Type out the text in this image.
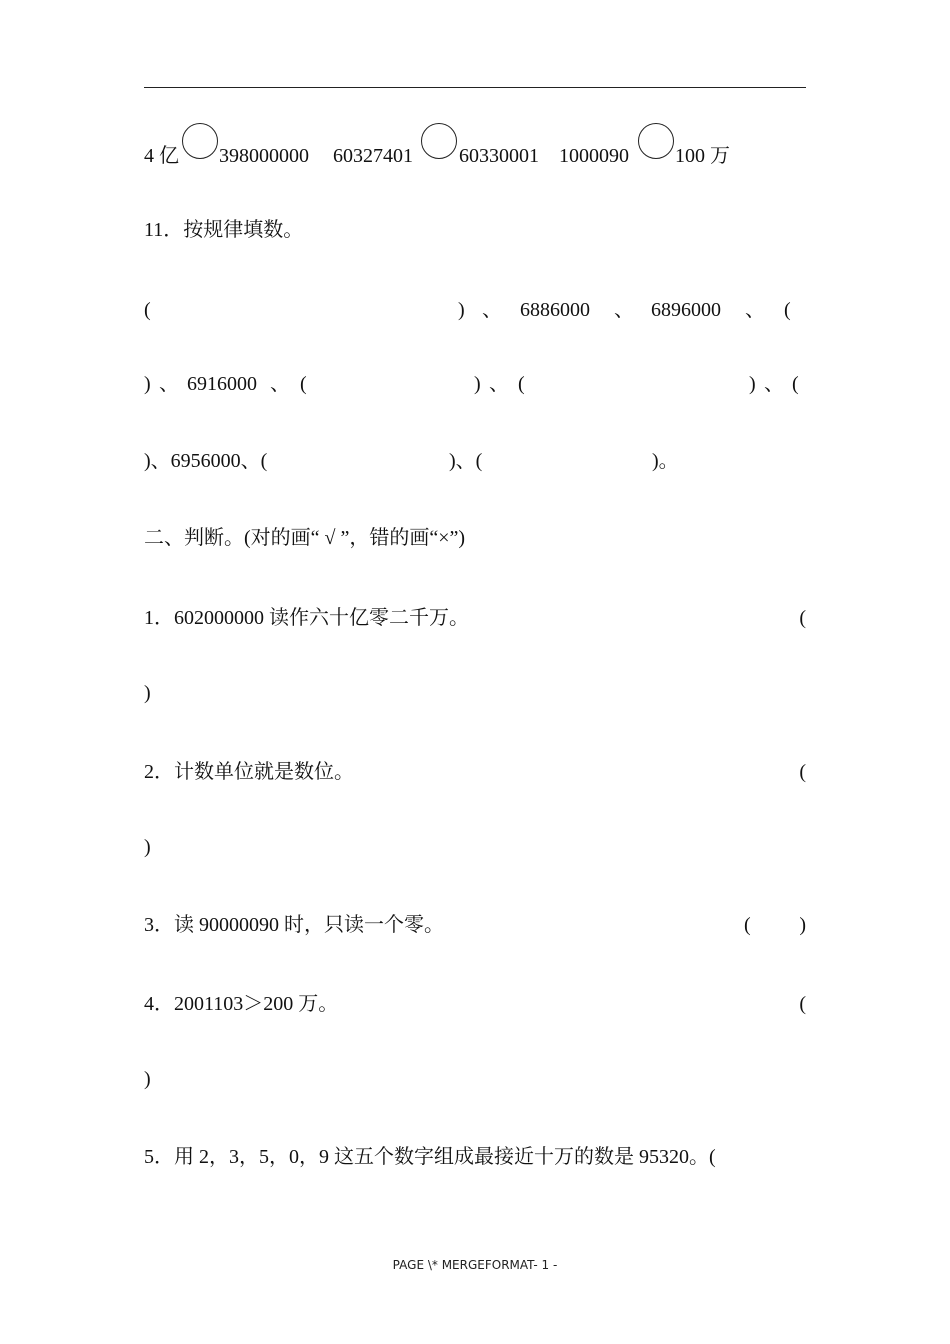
4 亿 398000000 60327401 60330001 1000090 100 万
11．按规律填数。
(	) 、 6886000 、 6896000 、 (
) 、 6916000 、 (	) 、 (	) 、 (
)、6956000、(	)、(	)。
二、判断。(对的画“ √ ”，错的画“×”)
1．602000000 读作六十亿零二千万。	(
)
2．计数单位就是数位。	(
)
3．读 90000090 时，只读一个零。	( )
4．2001103＞200 万。	(
)
5．用 2，3，5，0，9 这五个数字组成最接近十万的数是 95320。(
PAGE \* MERGEFORMAT- 1 -
